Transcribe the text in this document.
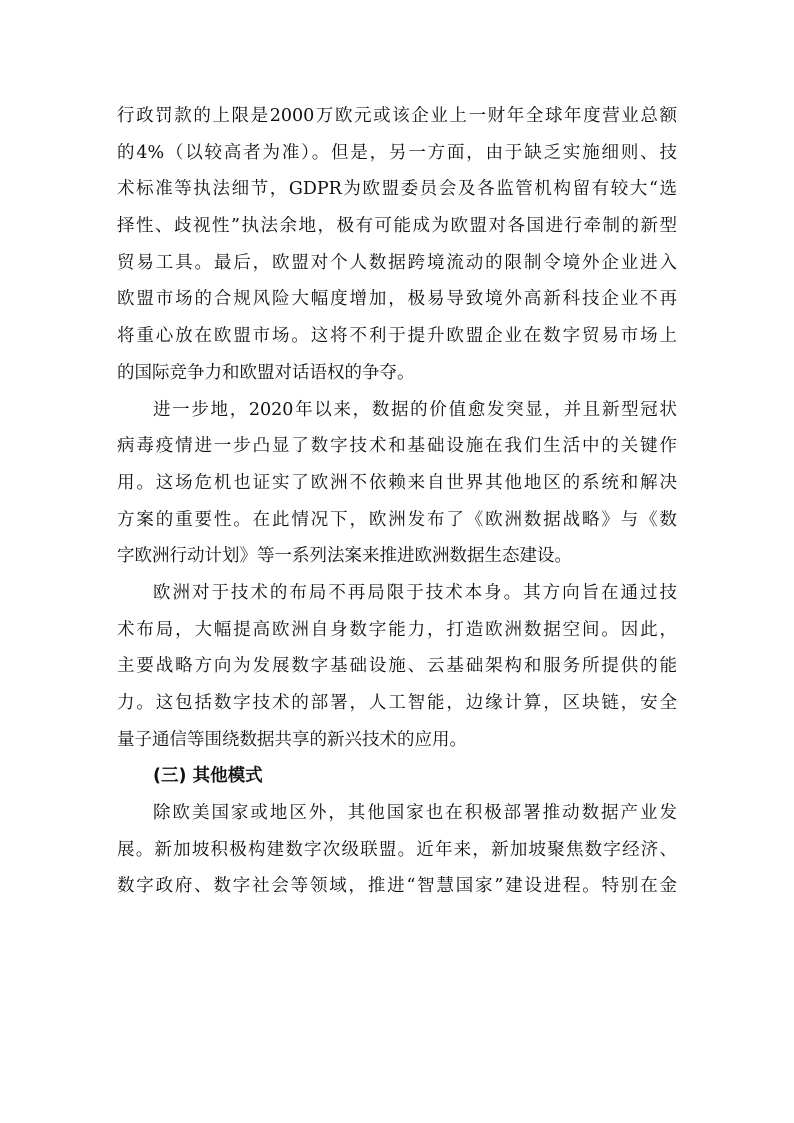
行政罚款的上限是2000万欧元或该企业上一财年全球年度营业总额
的4%（以较高者为准）。但是，另一方面，由于缺乏实施细则、技
术标准等执法细节，GDPR为欧盟委员会及各监管机构留有较大“选
择性、歧视性”执法余地，极有可能成为欧盟对各国进行牵制的新型
贸易工具。最后，欧盟对个人数据跨境流动的限制令境外企业进入
欧盟市场的合规风险大幅度增加，极易导致境外高新科技企业不再
将重心放在欧盟市场。这将不利于提升欧盟企业在数字贸易市场上
的国际竞争力和欧盟对话语权的争夺。
进一步地，2020年以来，数据的价值愈发突显，并且新型冠状
病毒疫情进一步凸显了数字技术和基础设施在我们生活中的关键作
用。这场危机也证实了欧洲不依赖来自世界其他地区的系统和解决
方案的重要性。在此情况下，欧洲发布了《欧洲数据战略》与《数
字欧洲行动计划》等一系列法案来推进欧洲数据生态建设。
欧洲对于技术的布局不再局限于技术本身。其方向旨在通过技
术布局，大幅提高欧洲自身数字能力，打造欧洲数据空间。因此，
主要战略方向为发展数字基础设施、云基础架构和服务所提供的能
力。这包括数字技术的部署，人工智能，边缘计算，区块链，安全
量子通信等围绕数据共享的新兴技术的应用。
(三) 其他模式
除欧美国家或地区外，其他国家也在积极部署推动数据产业发
展。新加坡积极构建数字次级联盟。近年来，新加坡聚焦数字经济、
数字政府、数字社会等领域，推进“智慧国家”建设进程。特别在金
